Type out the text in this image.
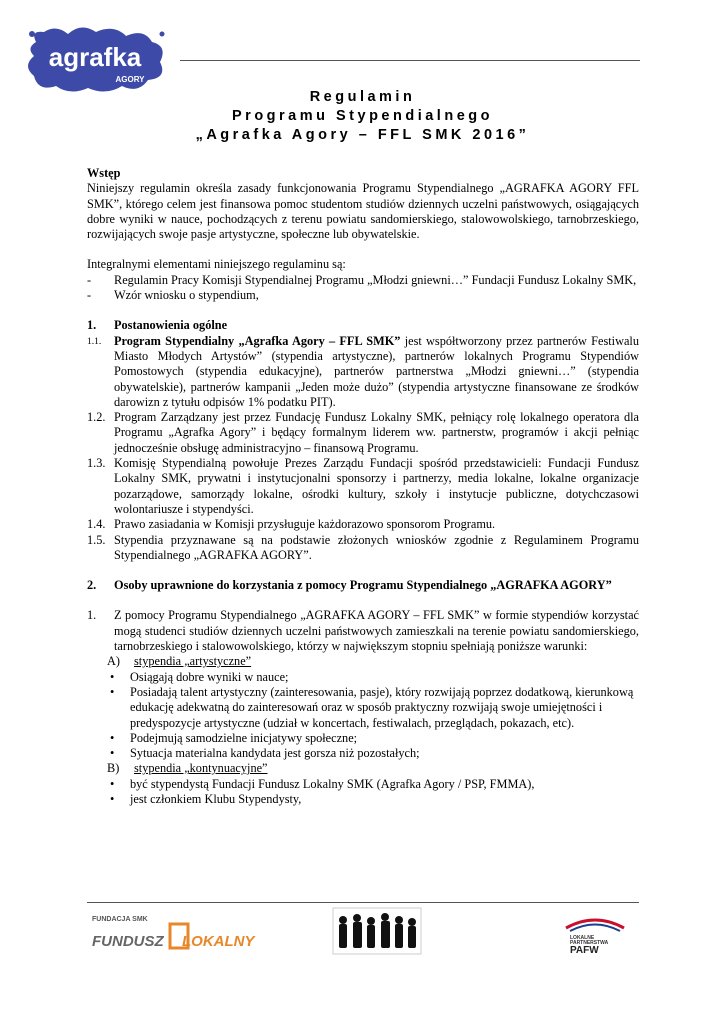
agrafka
AGORY
Regulamin
Programu Stypendialnego
„Agrafka Agory – FFL SMK 2016”

Wstęp

Niniejszy regulamin określa zasady funkcjonowania Programu Stypendialnego „AGRAFKA AGORY FFL SMK”, którego celem jest finansowa pomoc studentom studiów dziennych uczelni państwowych, osiągających dobre wyniki w nauce, pochodzących z terenu powiatu sandomierskiego, stalowowolskiego, tarnobrzeskiego, rozwijających swoje pasje artystyczne, społeczne lub obywatelskie.

Integralnymi elementami niniejszego regulaminu są:

-	Regulamin Pracy Komisji Stypendialnej Programu „Młodzi gniewni…” Fundacji Fundusz Lokalny SMK,
-	Wzór wniosku o stypendium,
1.	Postanowienia ogólne
1.1.	Program Stypendialny „Agrafka Agory – FFL SMK” jest współtworzony przez partnerów Festiwalu Miasto Młodych Artystów” (stypendia artystyczne), partnerów lokalnych Programu Stypendiów Pomostowych (stypendia edukacyjne), partnerów partnerstwa „Młodzi gniewni…” (stypendia obywatelskie), partnerów kampanii „Jeden może dużo” (stypendia artystyczne finansowane ze środków darowizn z tytułu odpisów 1% podatku PIT).
1.2. Program Zarządzany jest przez Fundację Fundusz Lokalny SMK, pełniący rolę lokalnego operatora dla Programu „Agrafka Agory” i będący formalnym liderem ww. partnerstw, programów i akcji pełniąc jednocześnie obsługę administracyjno – finansową Programu.
1.3. Komisję Stypendialną powołuje Prezes Zarządu Fundacji spośród przedstawicieli: Fundacji Fundusz Lokalny SMK, prywatni i instytucjonalni sponsorzy i partnerzy, media lokalne, lokalne organizacje pozarządowe, samorządy lokalne, ośrodki kultury, szkoły i instytucje publiczne, dotychczasowi wolontariusze i stypendyści.
1.4. Prawo zasiadania w Komisji przysługuje każdorazowo sponsorom Programu.
1.5. Stypendia przyznawane są na podstawie złożonych wniosków zgodnie z Regulaminem Programu Stypendialnego „AGRAFKA AGORY”.
2.	Osoby uprawnione do korzystania z pomocy Programu Stypendialnego „AGRAFKA AGORY”
1.	Z pomocy Programu Stypendialnego „AGRAFKA AGORY – FFL SMK” w formie stypendiów korzystać mogą studenci studiów dziennych uczelni państwowych zamieszkali na terenie powiatu sandomierskiego, tarnobrzeskiego i stalowowolskiego, którzy w największym stopniu spełniają poniższe warunki:
A)	stypendia „artystyczne”
•	Osiągają dobre wyniki w nauce;
•	Posiadają talent artystyczny (zainteresowania, pasje), który rozwijają poprzez dodatkową, kierunkową edukację adekwatną do zainteresowań oraz w sposób praktyczny rozwijają swoje umiejętności i predyspozycje artystyczne (udział w koncertach, festiwalach, przeglądach, pokazach, etc).
•	Podejmują samodzielne inicjatywy społeczne;
•	Sytuacja materialna kandydata jest gorsza niż pozostałych;
B)	stypendia „kontynuacyjne”
•	być stypendystą Fundacji Fundusz Lokalny SMK (Agrafka Agory / PSP, FMMA),
•	jest członkiem Klubu Stypendysty,
FUNDACJA SMK
FUNDUSZ LOKALNY	LOKALNE
PARTNERSTWA
PAFW
